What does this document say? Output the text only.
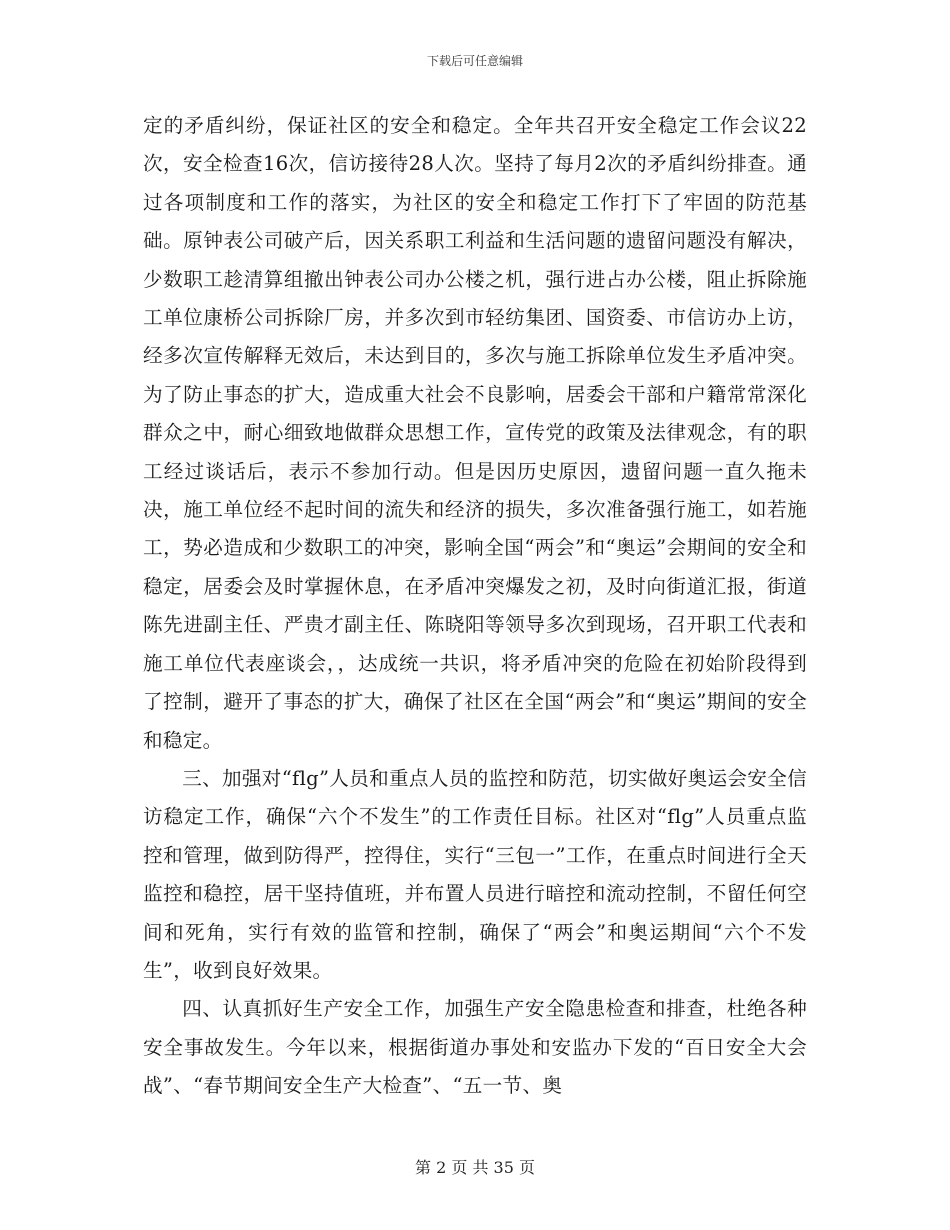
下载后可任意编辑

定的矛盾纠纷，保证社区的安全和稳定。全年共召开安全稳定工作会议22次，安全检查16次，信访接待28人次。坚持了每月2次的矛盾纠纷排查。通过各项制度和工作的落实，为社区的安全和稳定工作打下了牢固的防范基础。原钟表公司破产后，因关系职工利益和生活问题的遗留问题没有解决，少数职工趁清算组撤出钟表公司办公楼之机，强行进占办公楼，阻止拆除施工单位康桥公司拆除厂房，并多次到市轻纺集团、国资委、市信访办上访，经多次宣传解释无效后，未达到目的，多次与施工拆除单位发生矛盾冲突。为了防止事态的扩大，造成重大社会不良影响，居委会干部和户籍常常深化群众之中，耐心细致地做群众思想工作，宣传党的政策及法律观念，有的职工经过谈话后，表示不参加行动。但是因历史原因，遗留问题一直久拖未决，施工单位经不起时间的流失和经济的损失，多次准备强行施工，如若施工，势必造成和少数职工的冲突，影响全国“两会”和“奥运”会期间的安全和稳定，居委会及时掌握休息，在矛盾冲突爆发之初，及时向街道汇报，街道陈先进副主任、严贵才副主任、陈晓阳等领导多次到现场，召开职工代表和施工单位代表座谈会，，达成统一共识，将矛盾冲突的危险在初始阶段得到了控制，避开了事态的扩大，确保了社区在全国“两会”和“奥运”期间的安全和稳定。

三、加强对“flg”人员和重点人员的监控和防范，切实做好奥运会安全信访稳定工作，确保“六个不发生”的工作责任目标。社区对“flg”人员重点监控和管理，做到防得严，控得住，实行“三包一”工作，在重点时间进行全天监控和稳控，居干坚持值班，并布置人员进行暗控和流动控制，不留任何空间和死角，实行有效的监管和控制，确保了“两会”和奥运期间“六个不发生”，收到良好效果。

四、认真抓好生产安全工作，加强生产安全隐患检查和排查，杜绝各种安全事故发生。今年以来，根据街道办事处和安监办下发的“百日安全大会战”、“春节期间安全生产大检查”、“五一节、奥

第 2 页 共 35 页
